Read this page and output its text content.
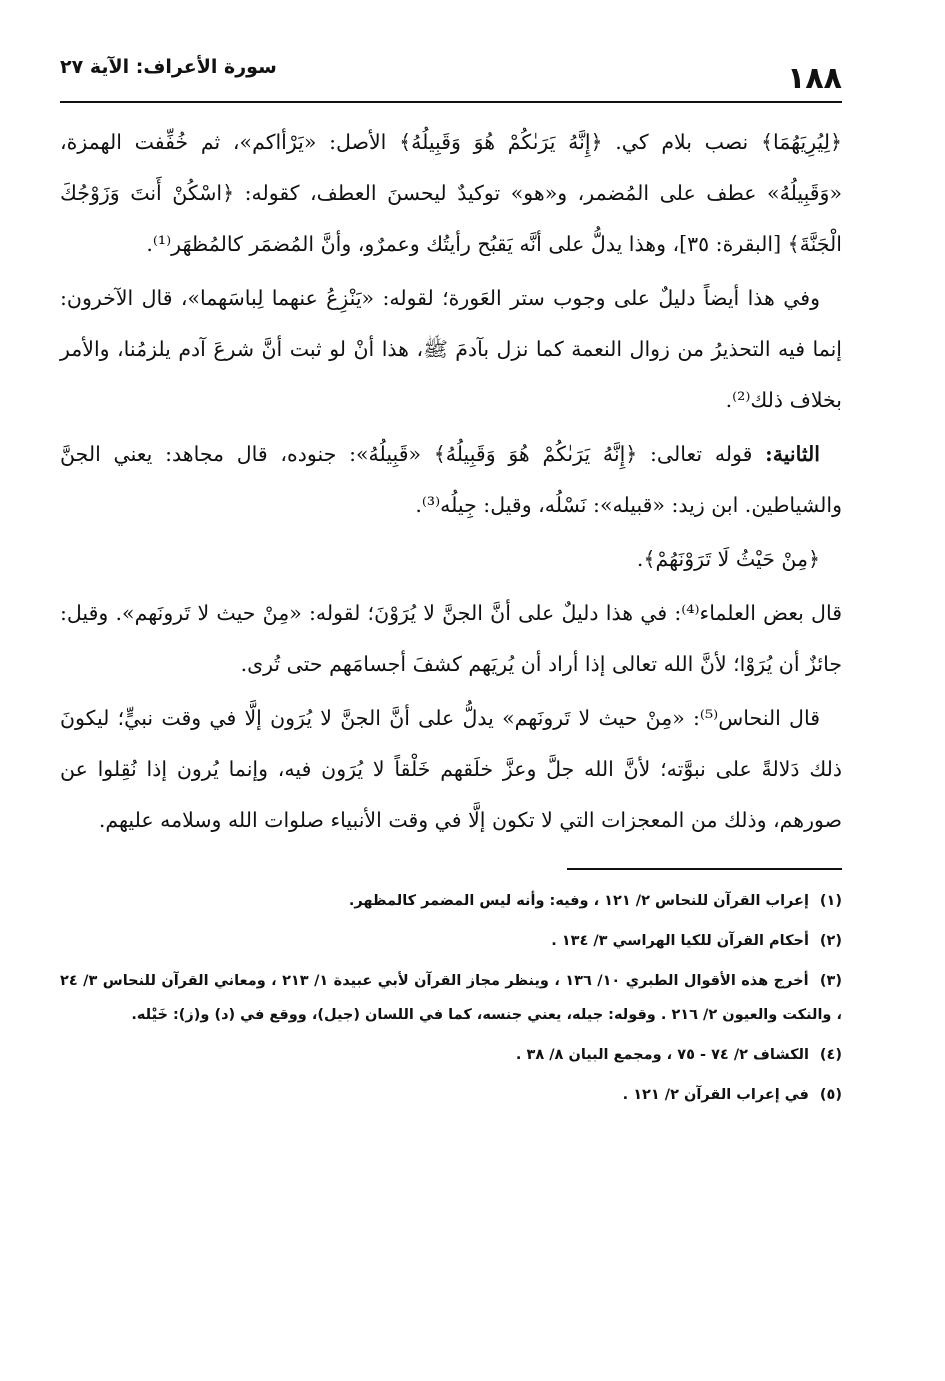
١٨٨
سورة الأعراف: الآية ٢٧

﴿لِيُرِيَهُمَا﴾ نصب بلام كي. ﴿إِنَّهُ يَرَىٰكُمْ هُوَ وَقَبِيلُهُ﴾ الأصل: «يَرْأاكم»، ثم خُفِّفت الهمزة، «وَقَبِيلُهُ» عطف على المُضمر، و«هو» توكيدٌ ليحسنَ العطف، كقوله: ﴿اسْكُنْ أَنتَ وَزَوْجُكَ الْجَنَّةَ﴾ [البقرة: ٣٥]، وهذا يدلُّ على أنَّه يَقبُح رأيتُك وعمرٌو، وأنَّ المُضمَر كالمُظهَر⁽¹⁾.

وفي هذا أيضاً دليلٌ على وجوب ستر العَورة؛ لقوله: «يَنْزِعُ عنهما لِباسَهما»، قال الآخرون: إنما فيه التحذيرُ من زوال النعمة كما نزل بآدمَ ﷺ، هذا أنْ لو ثبت أنَّ شرعَ آدم يلزمُنا، والأمر بخلاف ذلك⁽²⁾.

الثانية: قوله تعالى: ﴿إِنَّهُ يَرَىٰكُمْ هُوَ وَقَبِيلُهُ﴾ «قَبِيلُهُ»: جنوده، قال مجاهد: يعني الجنَّ والشياطين. ابن زيد: «قبيله»: نَسْلُه، وقيل: جِيلُه⁽³⁾.

﴿مِنْ حَيْثُ لَا تَرَوْنَهُمْ﴾.

قال بعض العلماء⁽⁴⁾: في هذا دليلٌ على أنَّ الجنَّ لا يُرَوْنَ؛ لقوله: «مِنْ حيث لا تَرونَهم». وقيل: جائزٌ أن يُرَوْا؛ لأنَّ الله تعالى إذا أراد أن يُريَهم كشفَ أجسامَهم حتى تُرى.

قال النحاس⁽⁵⁾: «مِنْ حيث لا تَرونَهم» يدلُّ على أنَّ الجنَّ لا يُرَون إلَّا في وقت نبيٍّ؛ ليكونَ ذلك دَلالةً على نبوَّته؛ لأنَّ الله جلَّ وعزَّ خلَقهم خَلْقاً لا يُرَون فيه، وإنما يُرون إذا نُقِلوا عن صورهم، وذلك من المعجزات التي لا تكون إلَّا في وقت الأنبياء صلوات الله وسلامه عليهم.

(١) إعراب القرآن للنحاس ٢/ ١٢١ ، وفيه: وأنه ليس المضمر كالمظهر.

(٢) أحكام القرآن للكيا الهراسي ٣/ ١٣٤ .

(٣) أخرج هذه الأقوال الطبري ١٠/ ١٣٦ ، وينظر مجاز القرآن لأبي عبيدة ١/ ٢١٣ ، ومعاني القرآن للنحاس ٣/ ٢٤ ، والنكت والعيون ٢/ ٢١٦ . وقوله: جيله، يعني جنسه، كما في اللسان (جيل)، ووقع في (د) و(ز): خَيْله.

(٤) الكشاف ٢/ ٧٤ - ٧٥ ، ومجمع البيان ٨/ ٣٨ .

(٥) في إعراب القرآن ٢/ ١٢١ .
